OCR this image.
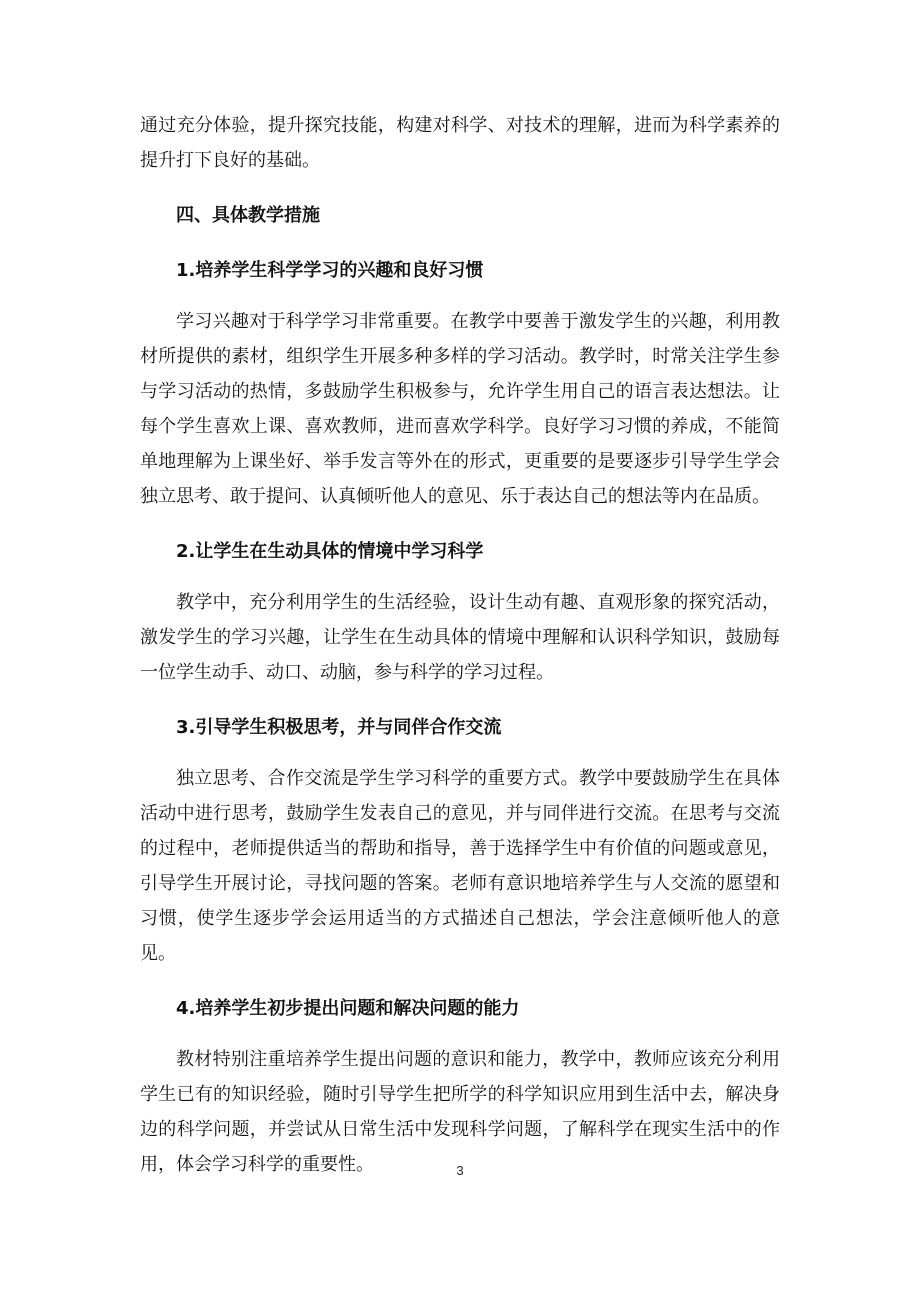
通过充分体验，提升探究技能，构建对科学、对技术的理解，进而为科学素养的提升打下良好的基础。

四、具体教学措施

1.培养学生科学学习的兴趣和良好习惯

学习兴趣对于科学学习非常重要。在教学中要善于激发学生的兴趣，利用教材所提供的素材，组织学生开展多种多样的学习活动。教学时，时常关注学生参与学习活动的热情，多鼓励学生积极参与，允许学生用自己的语言表达想法。让每个学生喜欢上课、喜欢教师，进而喜欢学科学。良好学习习惯的养成，不能简单地理解为上课坐好、举手发言等外在的形式，更重要的是要逐步引导学生学会独立思考、敢于提问、认真倾听他人的意见、乐于表达自己的想法等内在品质。

2.让学生在生动具体的情境中学习科学

教学中，充分利用学生的生活经验，设计生动有趣、直观形象的探究活动，激发学生的学习兴趣，让学生在生动具体的情境中理解和认识科学知识，鼓励每一位学生动手、动口、动脑，参与科学的学习过程。

3.引导学生积极思考，并与同伴合作交流

独立思考、合作交流是学生学习科学的重要方式。教学中要鼓励学生在具体活动中进行思考，鼓励学生发表自己的意见，并与同伴进行交流。在思考与交流的过程中，老师提供适当的帮助和指导，善于选择学生中有价值的问题或意见，引导学生开展讨论，寻找问题的答案。老师有意识地培养学生与人交流的愿望和习惯，使学生逐步学会运用适当的方式描述自己想法，学会注意倾听他人的意见。

4.培养学生初步提出问题和解决问题的能力

教材特别注重培养学生提出问题的意识和能力，教学中，教师应该充分利用学生已有的知识经验，随时引导学生把所学的科学知识应用到生活中去，解决身边的科学问题，并尝试从日常生活中发现科学问题，了解科学在现实生活中的作用，体会学习科学的重要性。	3
